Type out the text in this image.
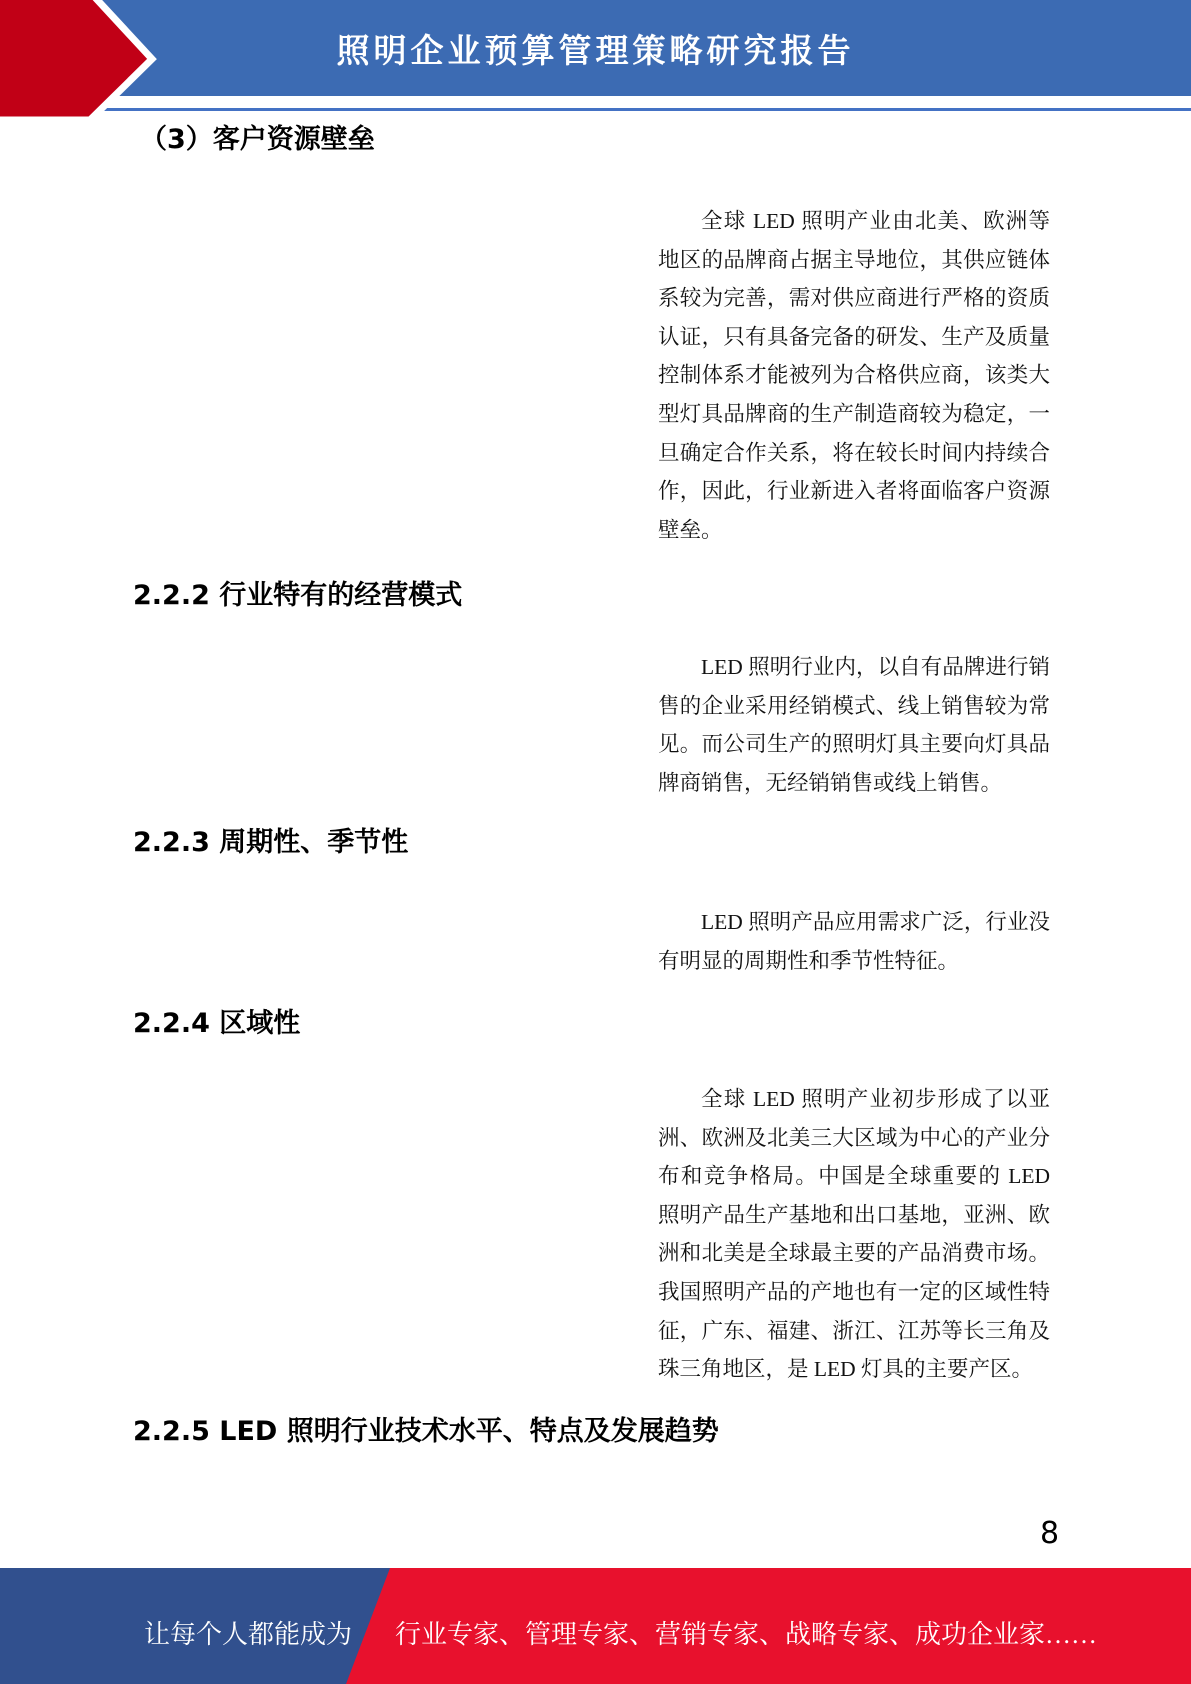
照明企业预算管理策略研究报告
（3）客户资源壁垒
全球 LED 照明产业由北美、欧洲等地区的品牌商占据主导地位，其供应链体系较为完善，需对供应商进行严格的资质认证，只有具备完备的研发、生产及质量控制体系才能被列为合格供应商，该类大型灯具品牌商的生产制造商较为稳定，一旦确定合作关系，将在较长时间内持续合作，因此，行业新进入者将面临客户资源壁垒。
2.2.2 行业特有的经营模式
LED 照明行业内，以自有品牌进行销售的企业采用经销模式、线上销售较为常见。而公司生产的照明灯具主要向灯具品牌商销售，无经销销售或线上销售。
2.2.3 周期性、季节性
LED 照明产品应用需求广泛，行业没有明显的周期性和季节性特征。
2.2.4 区域性
全球 LED 照明产业初步形成了以亚洲、欧洲及北美三大区域为中心的产业分布和竞争格局。中国是全球重要的 LED 照明产品生产基地和出口基地，亚洲、欧洲和北美是全球最主要的产品消费市场。我国照明产品的产地也有一定的区域性特征，广东、福建、浙江、江苏等长三角及珠三角地区，是 LED 灯具的主要产区。
2.2.5 LED 照明行业技术水平、特点及发展趋势
8
让每个人都能成为 行业专家、管理专家、营销专家、战略专家、成功企业家……
